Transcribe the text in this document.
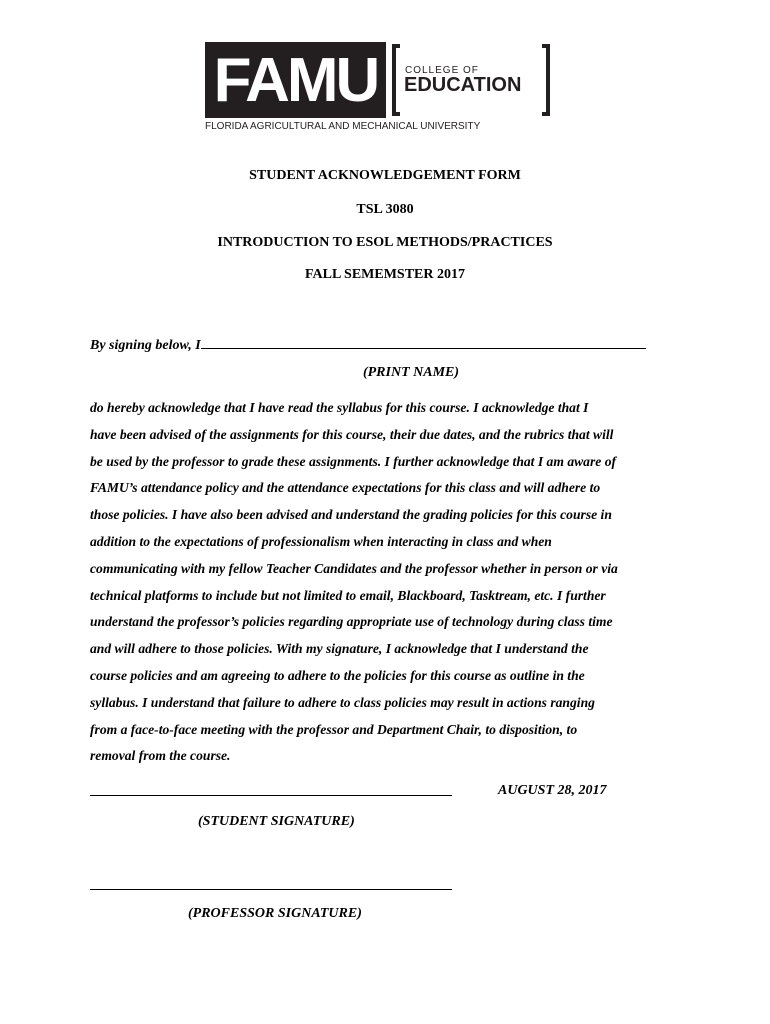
FAMU	COLLEGE OF
EDUCATION
FLORIDA AGRICULTURAL AND MECHANICAL UNIVERSITY
STUDENT ACKNOWLEDGEMENT FORM
TSL 3080
INTRODUCTION TO ESOL METHODS/PRACTICES
FALL SEMEMSTER 2017
By signing below, I
(PRINT NAME)
do hereby acknowledge that I have read the syllabus for this course. I acknowledge that I
have been advised of the assignments for this course, their due dates, and the rubrics that will
be used by the professor to grade these assignments. I further acknowledge that I am aware of
FAMU’s attendance policy and the attendance expectations for this class and will adhere to
those policies. I have also been advised and understand the grading policies for this course in
addition to the expectations of professionalism when interacting in class and when
communicating with my fellow Teacher Candidates and the professor whether in person or via
technical platforms to include but not limited to email, Blackboard, Tasktream, etc. I further
understand the professor’s policies regarding appropriate use of technology during class time
and will adhere to those policies. With my signature, I acknowledge that I understand the
course policies and am agreeing to adhere to the policies for this course as outline in the
syllabus. I understand that failure to adhere to class policies may result in actions ranging
from a face-to-face meeting with the professor and Department Chair, to disposition, to
removal from the course.
AUGUST 28, 2017
(STUDENT SIGNATURE)
(PROFESSOR SIGNATURE)
